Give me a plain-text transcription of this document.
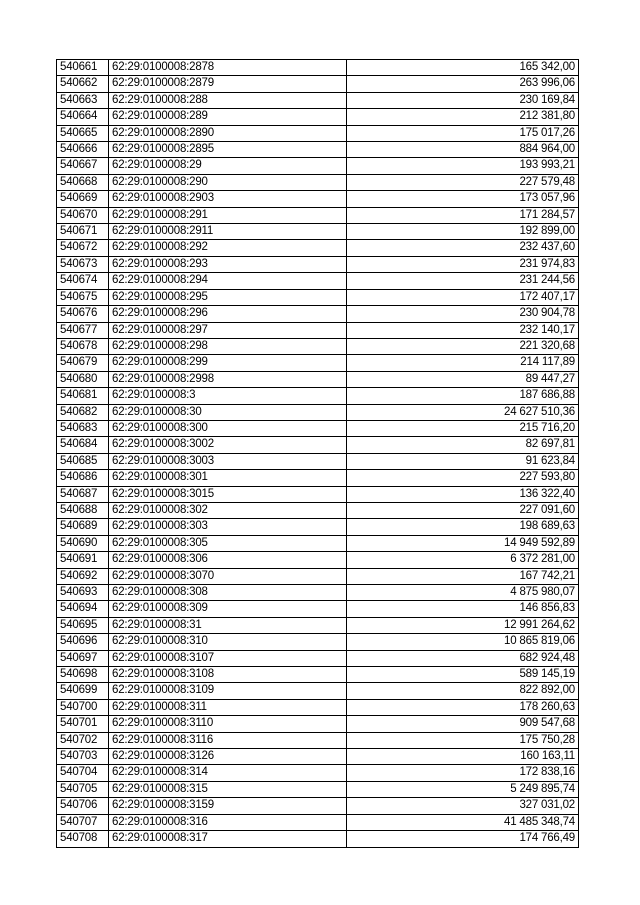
540661	62:29:0100008:2878	165 342,00
540662	62:29:0100008:2879	263 996,06
540663	62:29:0100008:288	230 169,84
540664	62:29:0100008:289	212 381,80
540665	62:29:0100008:2890	175 017,26
540666	62:29:0100008:2895	884 964,00
540667	62:29:0100008:29	193 993,21
540668	62:29:0100008:290	227 579,48
540669	62:29:0100008:2903	173 057,96
540670	62:29:0100008:291	171 284,57
540671	62:29:0100008:2911	192 899,00
540672	62:29:0100008:292	232 437,60
540673	62:29:0100008:293	231 974,83
540674	62:29:0100008:294	231 244,56
540675	62:29:0100008:295	172 407,17
540676	62:29:0100008:296	230 904,78
540677	62:29:0100008:297	232 140,17
540678	62:29:0100008:298	221 320,68
540679	62:29:0100008:299	214 117,89
540680	62:29:0100008:2998	89 447,27
540681	62:29:0100008:3	187 686,88
540682	62:29:0100008:30	24 627 510,36
540683	62:29:0100008:300	215 716,20
540684	62:29:0100008:3002	82 697,81
540685	62:29:0100008:3003	91 623,84
540686	62:29:0100008:301	227 593,80
540687	62:29:0100008:3015	136 322,40
540688	62:29:0100008:302	227 091,60
540689	62:29:0100008:303	198 689,63
540690	62:29:0100008:305	14 949 592,89
540691	62:29:0100008:306	6 372 281,00
540692	62:29:0100008:3070	167 742,21
540693	62:29:0100008:308	4 875 980,07
540694	62:29:0100008:309	146 856,83
540695	62:29:0100008:31	12 991 264,62
540696	62:29:0100008:310	10 865 819,06
540697	62:29:0100008:3107	682 924,48
540698	62:29:0100008:3108	589 145,19
540699	62:29:0100008:3109	822 892,00
540700	62:29:0100008:311	178 260,63
540701	62:29:0100008:3110	909 547,68
540702	62:29:0100008:3116	175 750,28
540703	62:29:0100008:3126	160 163,11
540704	62:29:0100008:314	172 838,16
540705	62:29:0100008:315	5 249 895,74
540706	62:29:0100008:3159	327 031,02
540707	62:29:0100008:316	41 485 348,74
540708	62:29:0100008:317	174 766,49
